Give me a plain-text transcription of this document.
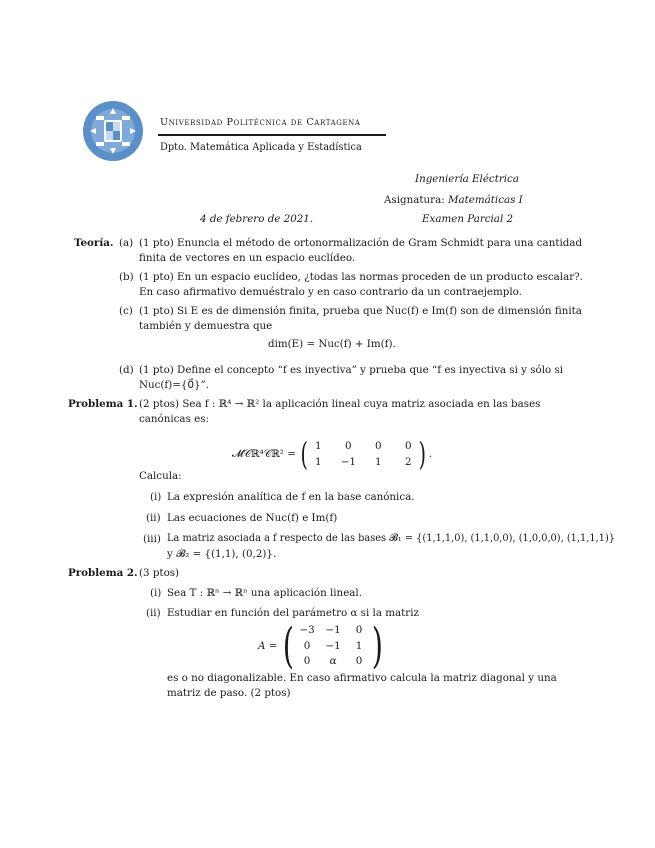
Universidad Politécnica de Cartagena
Dpto. Matemática Aplicada y Estadística
Ingeniería Eléctrica
Asignatura: Matemáticas I
4 de febrero de 2021.	Examen Parcial 2
Teoría. (a) (1 pto) Enuncia el método de ortonormalización de Gram Schmidt para una cantidad
finita de vectores en un espacio euclídeo.
(b) (1 pto) En un espacio euclídeo, ¿todas las normas proceden de un producto escalar?.
En caso afirmativo demuéstralo y en caso contrario da un contraejemplo.
(c) (1 pto) Si E es de dimensión finita, prueba que Nuc(f) e Im(f) son de dimensión finita
también y demuestra que
dim(E) = Nuc(f) + Im(f).
(d) (1 pto) Define el concepto “f es inyectiva” y prueba que “f es inyectiva si y sólo si
Nuc(f)={0⃗}”.
Problema 1. (2 ptos) Sea f : ℝ⁴ → ℝ² la aplicación lineal cuya matriz asociada en las bases
canónicas es:
𝓜𝒞ℝ⁴𝒞ℝ² = ( 1	0	0	0
1	−1	1	2 ) .
Calcula:
(i) La expresión analítica de f en la base canónica.
(ii) Las ecuaciones de Nuc(f) e Im(f)
(iii) La matriz asociada a f respecto de las bases 𝓑₁ = {(1,1,1,0), (1,1,0,0), (1,0,0,0), (1,1,1,1)}
y 𝓑₂ = {(1,1), (0,2)}.
Problema 2. (3 ptos)
(i) Sea T : ℝⁿ → ℝⁿ una aplicación lineal.
(ii) Estudiar en función del parámetro α si la matriz
A = ( −3 −1	0
0	−1	1
0	α	0 )
es o no diagonalizable. En caso afirmativo calcula la matriz diagonal y una
matriz de paso. (2 ptos)
